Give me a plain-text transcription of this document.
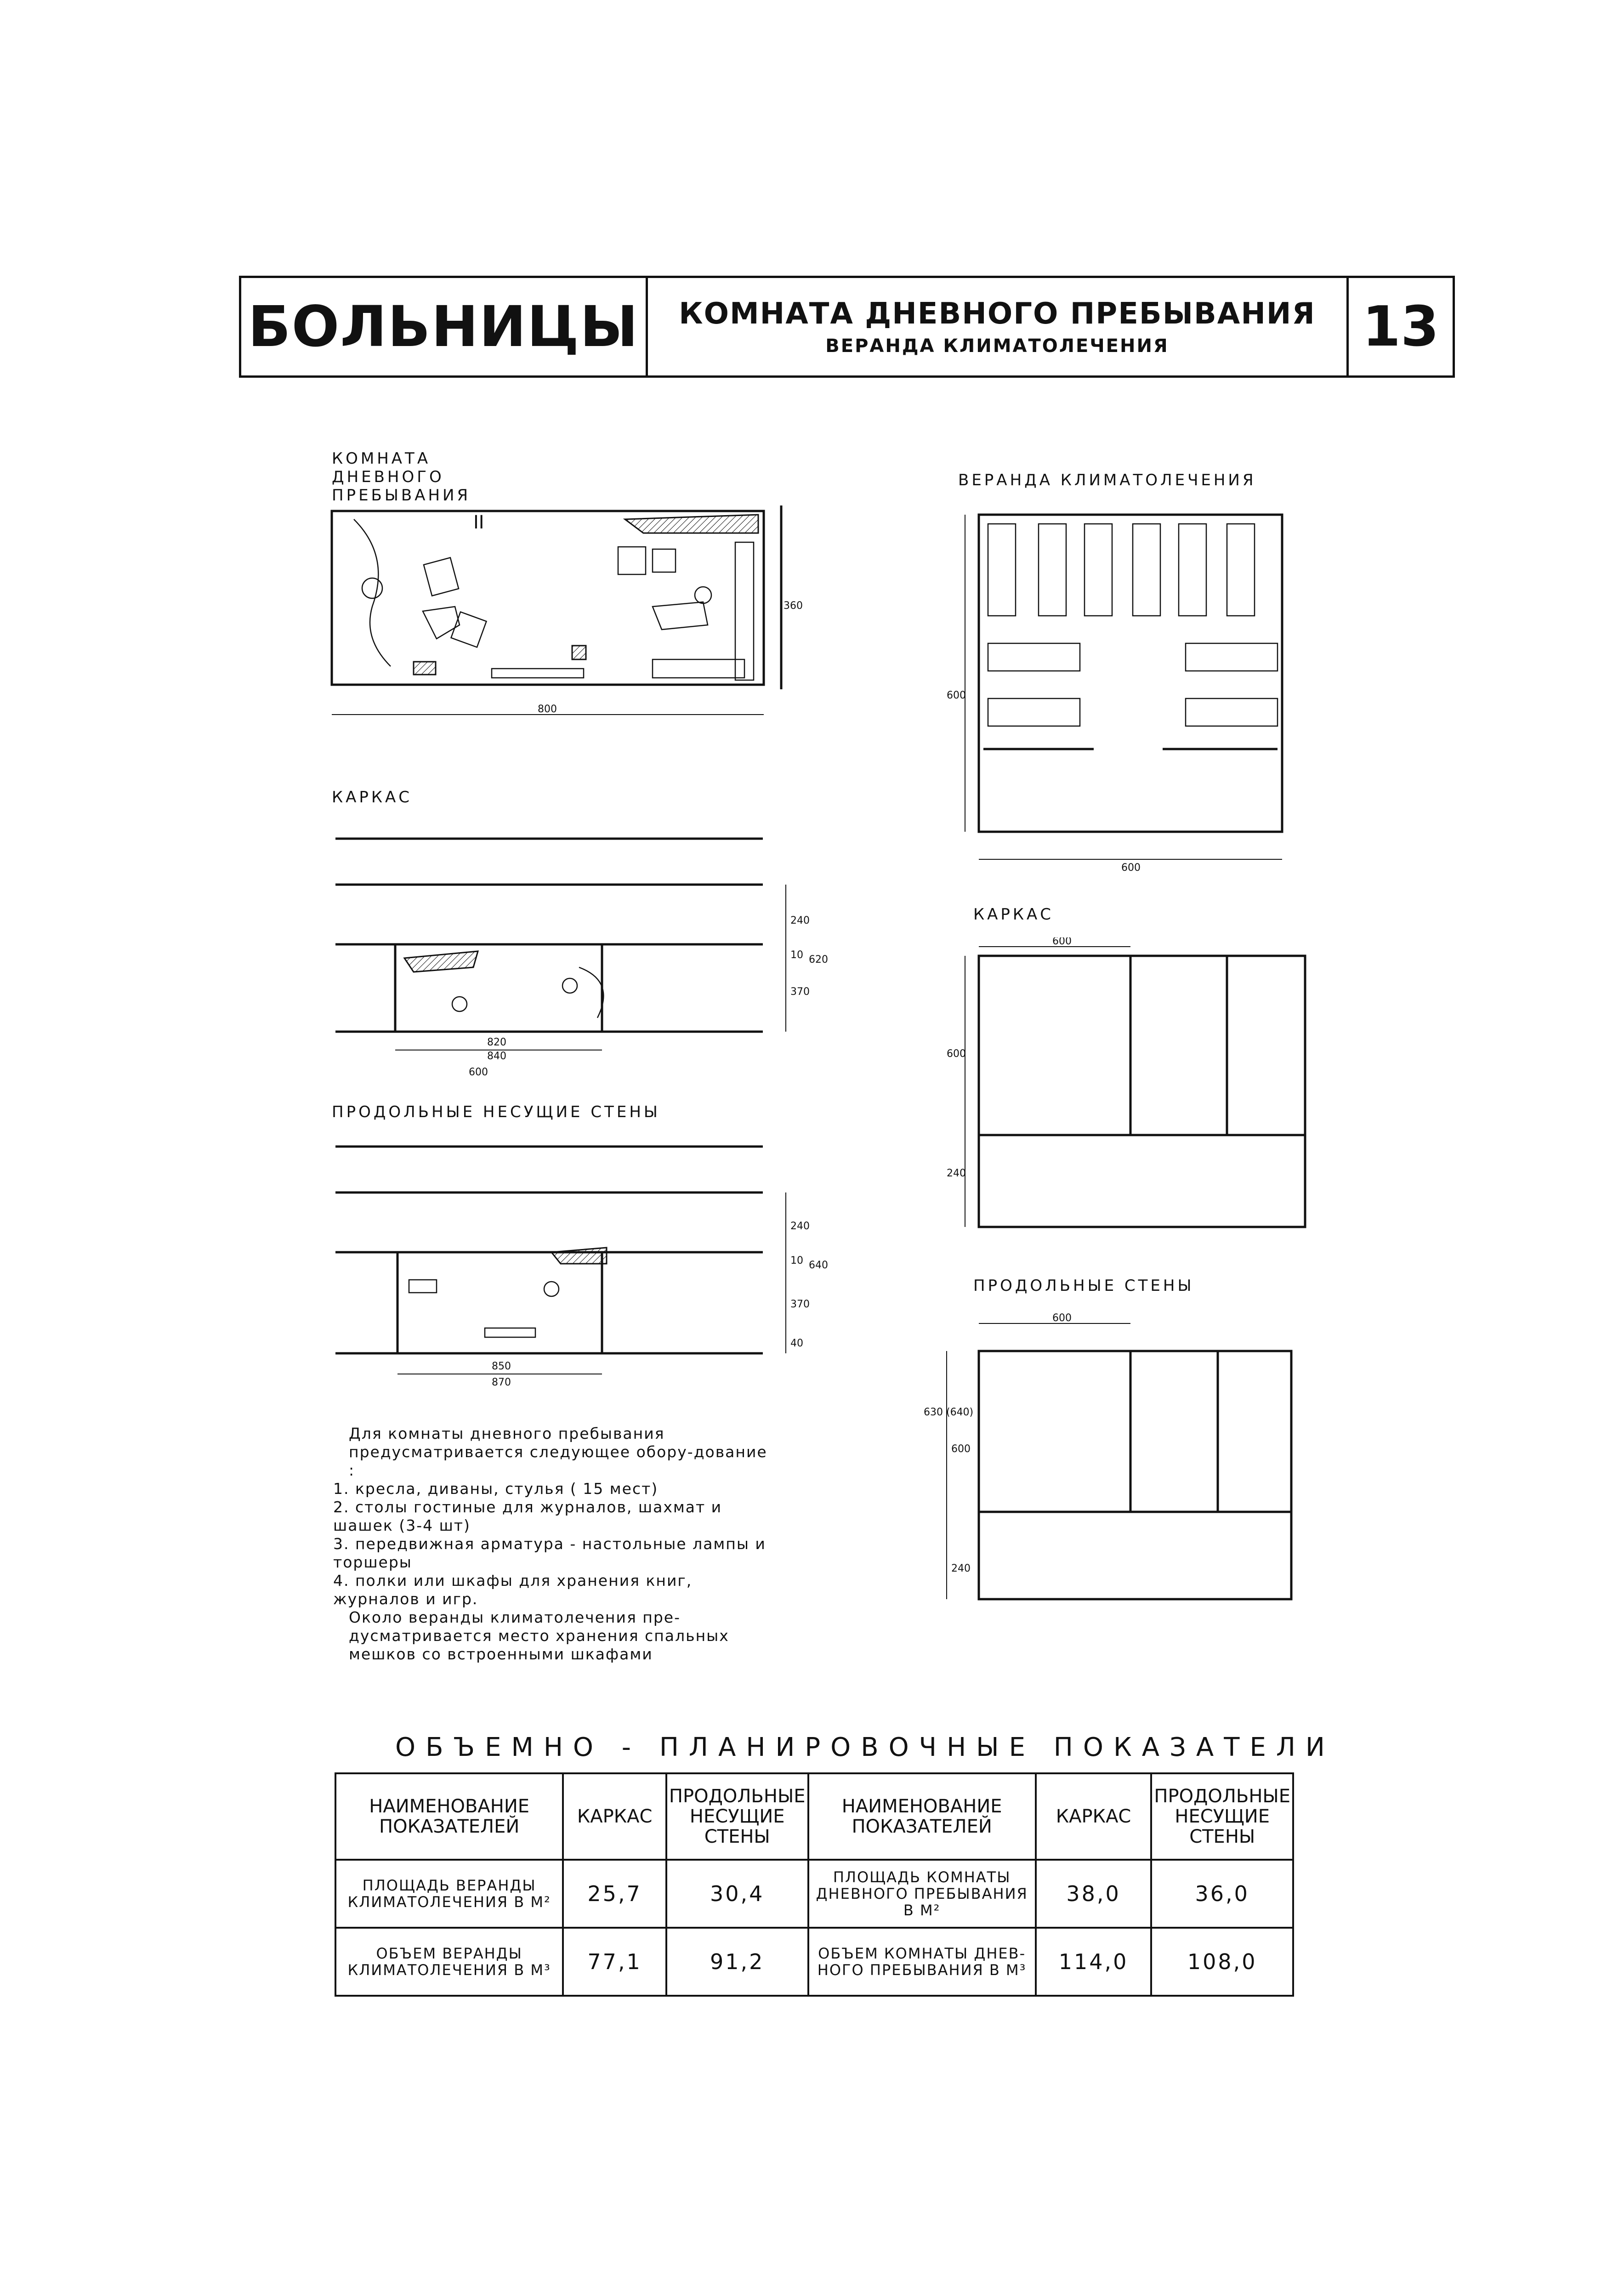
БОЛЬНИЦЫ	КОМНАТА ДНЕВНОГО ПРЕБЫВАНИЯ
ВЕРАНДА КЛИМАТОЛЕЧЕНИЯ	13
КОМНАТА ДНЕВНОГО ПРЕБЫВАНИЯ
ВЕРАНДА КЛИМАТОЛЕЧЕНИЯ
КАРКАС
КАРКАС
ПРОДОЛЬНЫЕ НЕСУЩИЕ СТЕНЫ
ПРОДОЛЬНЫЕ СТЕНЫ
360
800
II
600
600
240
10 620
370
820
840
600
600
600
240
240
10 640
370
40
850
870
600
630 (640)
600
240

Для комнаты дневного пребывания предусматривается следующее обору-дование :

1. кресла, диваны, стулья ( 15 мест)

2. столы гостиные для журналов, шахмат и шашек (3-4 шт)

3. передвижная арматура - настольные лампы и торшеры

4. полки или шкафы для хранения книг, журналов и игр.

Около веранды климатолечения пре-дусматривается место хранения спальных мешков со встроенными шкафами

ОБЪЕМНО - ПЛАНИРОВОЧНЫЕ ПОКАЗАТЕЛИ
НАИМЕНОВАНИЕ ПОКАЗАТЕЛЕЙ	КАРКАС	ПРОДОЛЬНЫЕ НЕСУЩИЕ СТЕНЫ	НАИМЕНОВАНИЕ ПОКАЗАТЕЛЕЙ	КАРКАС	ПРОДОЛЬНЫЕ НЕСУЩИЕ СТЕНЫ
ПЛОЩАДЬ ВЕРАНДЫ КЛИМАТОЛЕЧЕНИЯ В М²	25,7	30,4	ПЛОЩАДЬ КОМНАТЫ ДНЕВНОГО ПРЕБЫВАНИЯ В М²	38,0	36,0
ОБЪЕМ ВЕРАНДЫ КЛИМАТОЛЕЧЕНИЯ В М³	77,1	91,2	ОБЪЕМ КОМНАТЫ ДНЕВ-НОГО ПРЕБЫВАНИЯ В М³	114,0	108,0
